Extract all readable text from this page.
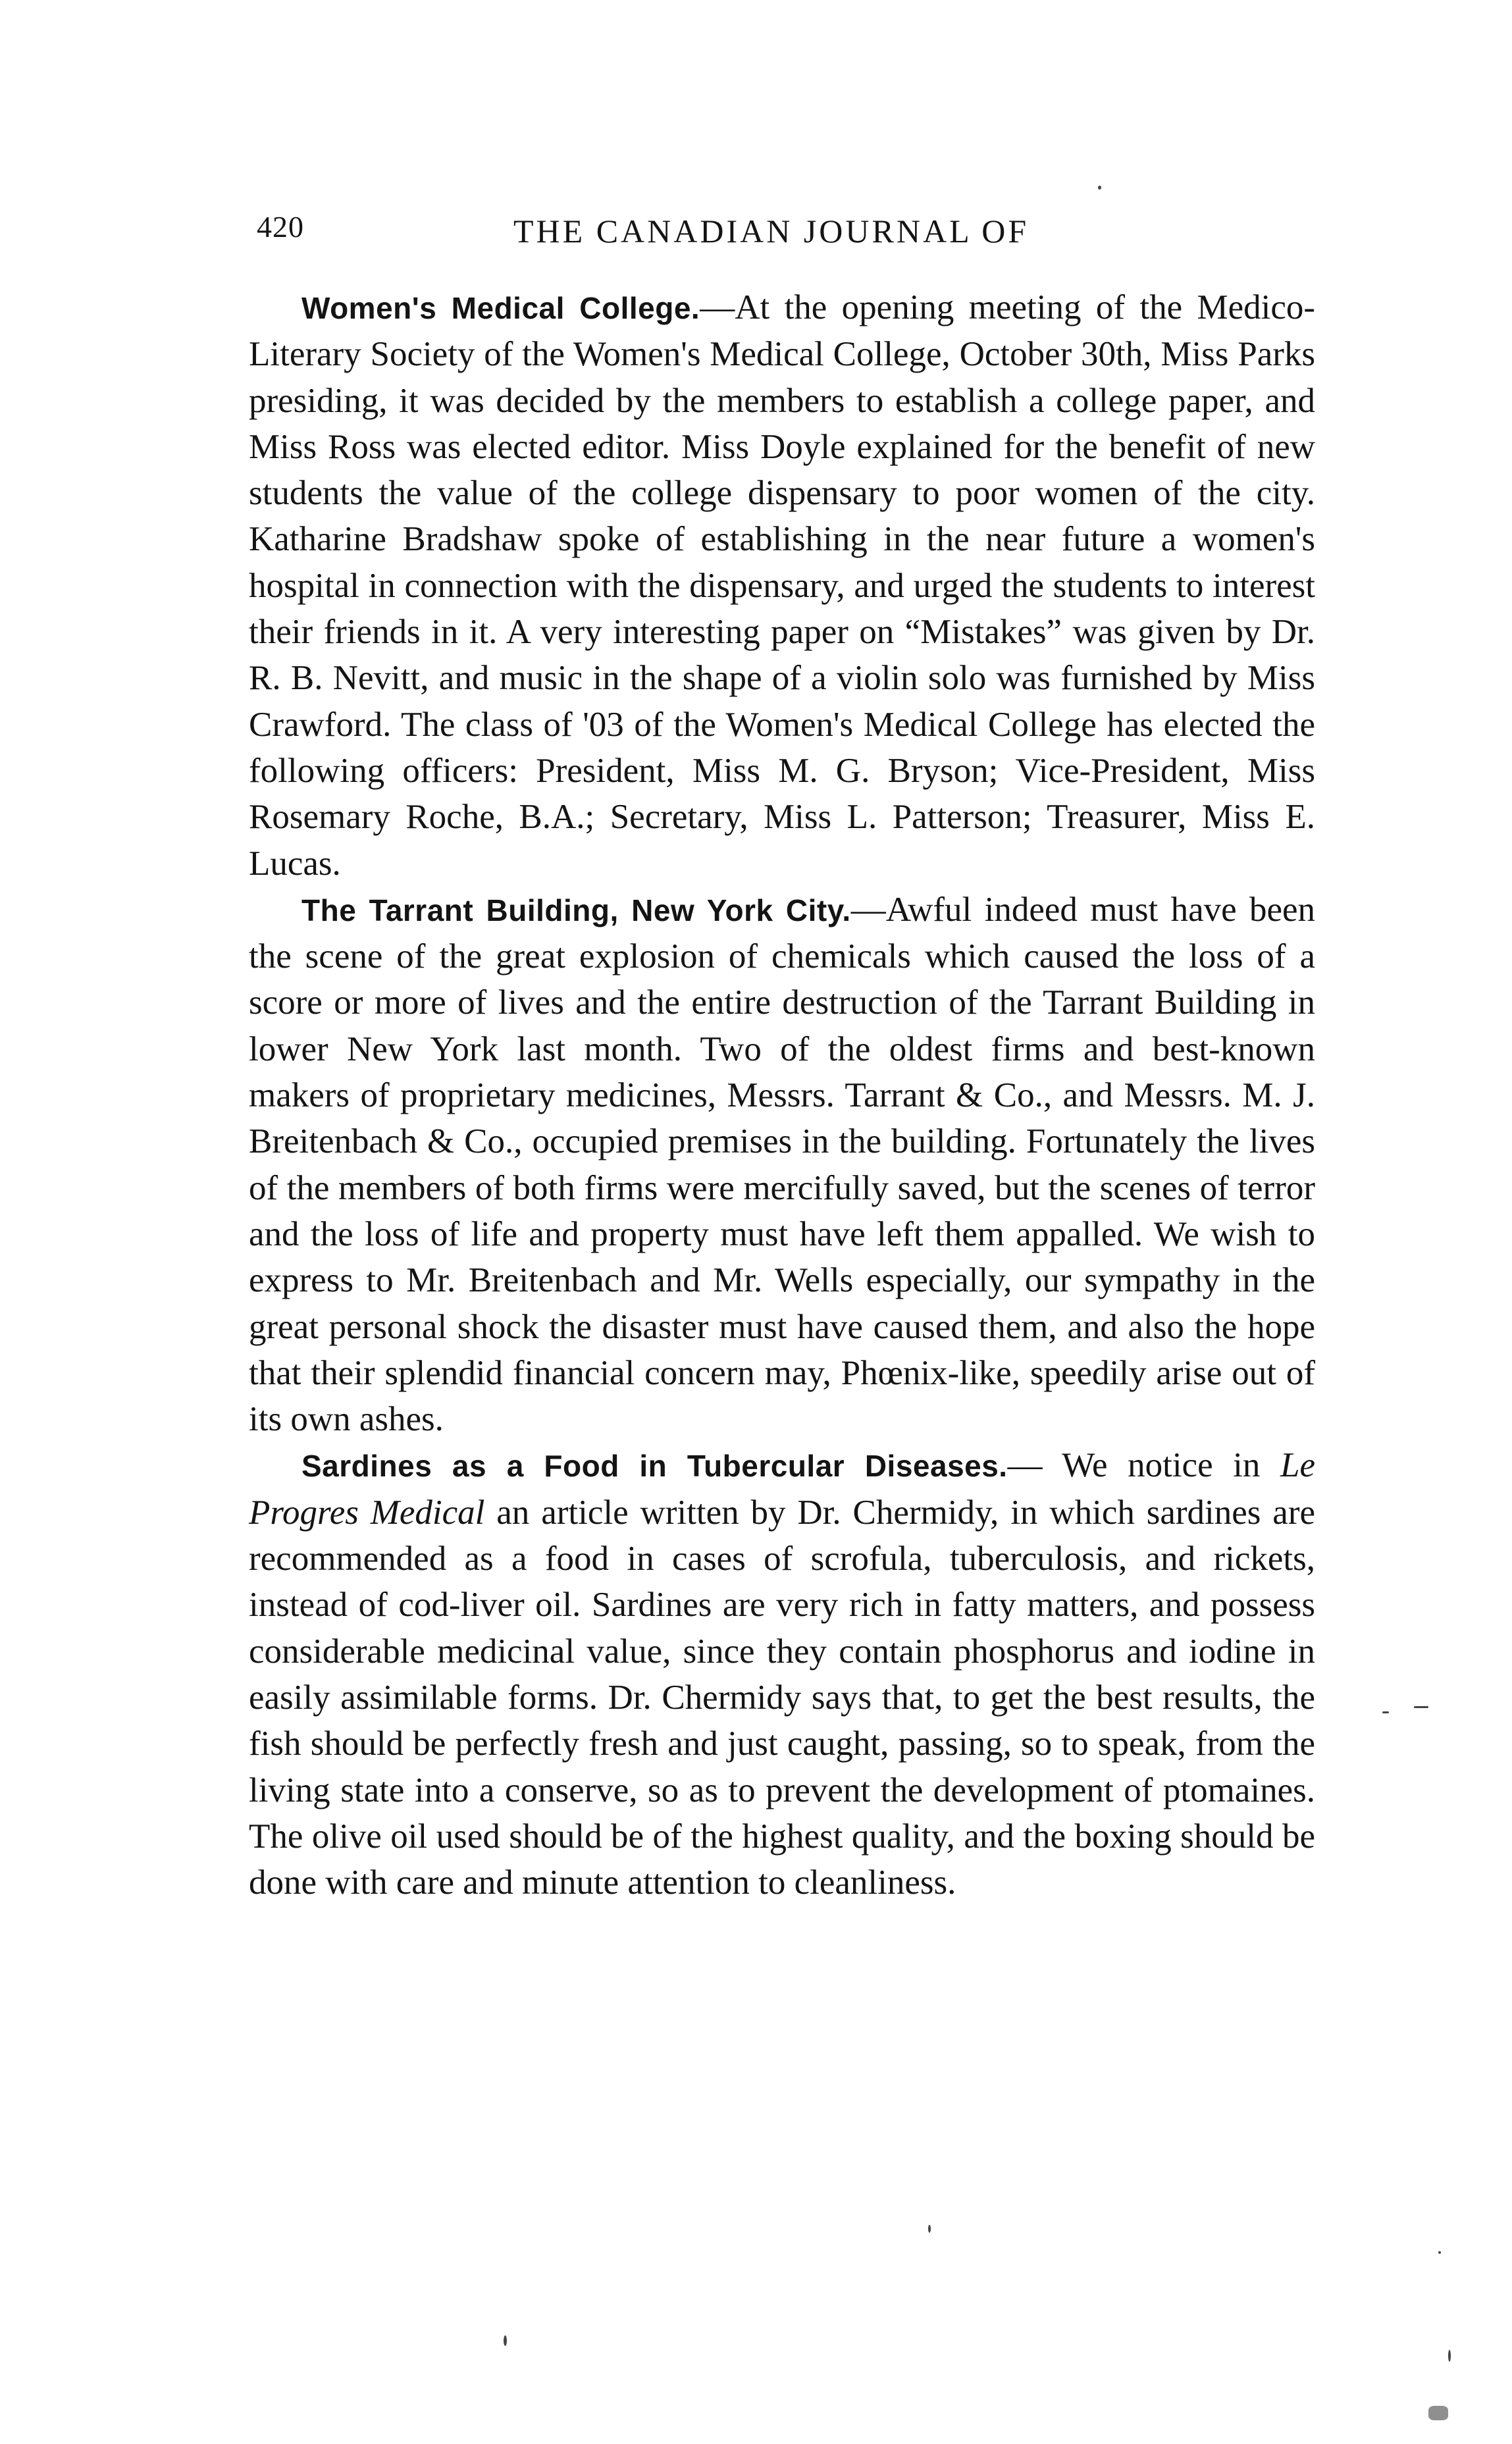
420	THE CANADIAN JOURNAL OF

Women's Medical College.—At the opening meeting of the Medico-Literary Society of the Women's Medical College, October 30th, Miss Parks presiding, it was decided by the members to establish a college paper, and Miss Ross was elected editor. Miss Doyle explained for the benefit of new students the value of the college dispensary to poor women of the city. Katharine Bradshaw spoke of establishing in the near future a women's hospital in connection with the dispensary, and urged the students to interest their friends in it. A very interesting paper on “Mistakes” was given by Dr. R. B. Nevitt, and music in the shape of a violin solo was furnished by Miss Crawford. The class of '03 of the Women's Medical College has elected the following officers: President, Miss M. G. Bryson; Vice-President, Miss Rosemary Roche, B.A.; Secretary, Miss L. Patterson; Treasurer, Miss E. Lucas.

The Tarrant Building, New York City.—Awful indeed must have been the scene of the great explosion of chemicals which caused the loss of a score or more of lives and the entire destruction of the Tarrant Building in lower New York last month. Two of the oldest firms and best-known makers of proprietary medicines, Messrs. Tarrant & Co., and Messrs. M. J. Breitenbach & Co., occupied premises in the building. Fortunately the lives of the members of both firms were mercifully saved, but the scenes of terror and the loss of life and property must have left them appalled. We wish to express to Mr. Breitenbach and Mr. Wells especially, our sympathy in the great personal shock the disaster must have caused them, and also the hope that their splendid financial concern may, Phœnix-like, speedily arise out of its own ashes.

Sardines as a Food in Tubercular Diseases.— We notice in Le Progres Medical an article written by Dr. Chermidy, in which sardines are recommended as a food in cases of scrofula, tuberculosis, and rickets, instead of cod-liver oil. Sardines are very rich in fatty matters, and possess considerable medicinal value, since they contain phosphorus and iodine in easily assimilable forms. Dr. Chermidy says that, to get the best results, the fish should be perfectly fresh and just caught, passing, so to speak, from the living state into a conserve, so as to prevent the development of ptomaines. The olive oil used should be of the highest quality, and the boxing should be done with care and minute attention to cleanliness.
